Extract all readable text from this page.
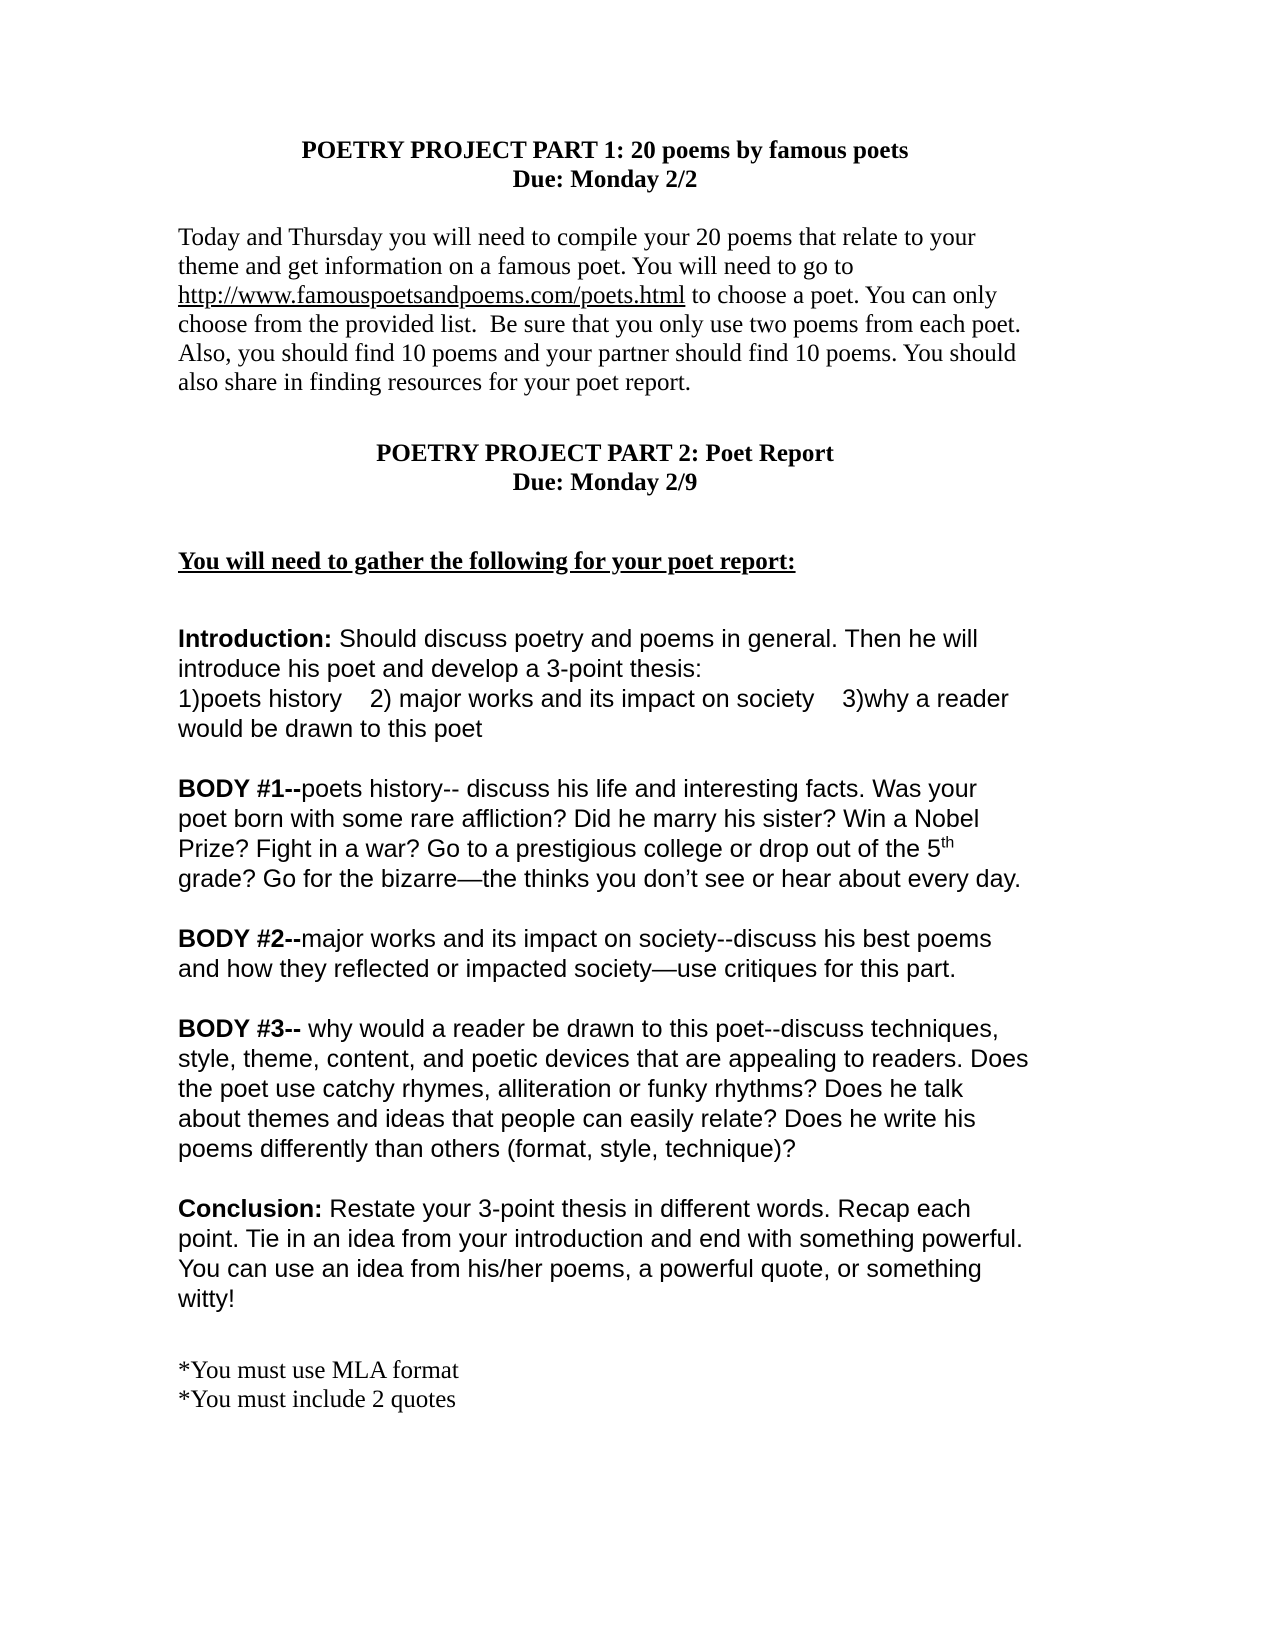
POETRY PROJECT PART 1: 20 poems by famous poets
Due: Monday 2/2

Today and Thursday you will need to compile your 20 poems that relate to your theme and get information on a famous poet. You will need to go to http://www.famouspoetsandpoems.com/poets.html to choose a poet. You can only choose from the provided list.  Be sure that you only use two poems from each poet. Also, you should find 10 poems and your partner should find 10 poems. You should also share in finding resources for your poet report.

POETRY PROJECT PART 2: Poet Report
Due: Monday 2/9

You will need to gather the following for your poet report:

Introduction: Should discuss poetry and poems in general. Then he will introduce his poet and develop a 3-point thesis:
1)poets history    2) major works and its impact on society    3)why a reader would be drawn to this poet

BODY #1--poets history-- discuss his life and interesting facts. Was your poet born with some rare affliction? Did he marry his sister? Win a Nobel Prize? Fight in a war? Go to a prestigious college or drop out of the 5th grade? Go for the bizarre—the thinks you don’t see or hear about every day.

BODY #2--major works and its impact on society--discuss his best poems and how they reflected or impacted society—use critiques for this part.

BODY #3-- why would a reader be drawn to this poet--discuss techniques, style, theme, content, and poetic devices that are appealing to readers. Does the poet use catchy rhymes, alliteration or funky rhythms? Does he talk about themes and ideas that people can easily relate? Does he write his poems differently than others (format, style, technique)?

Conclusion: Restate your 3-point thesis in different words. Recap each point. Tie in an idea from your introduction and end with something powerful. You can use an idea from his/her poems, a powerful quote, or something witty!

*You must use MLA format
*You must include 2 quotes
